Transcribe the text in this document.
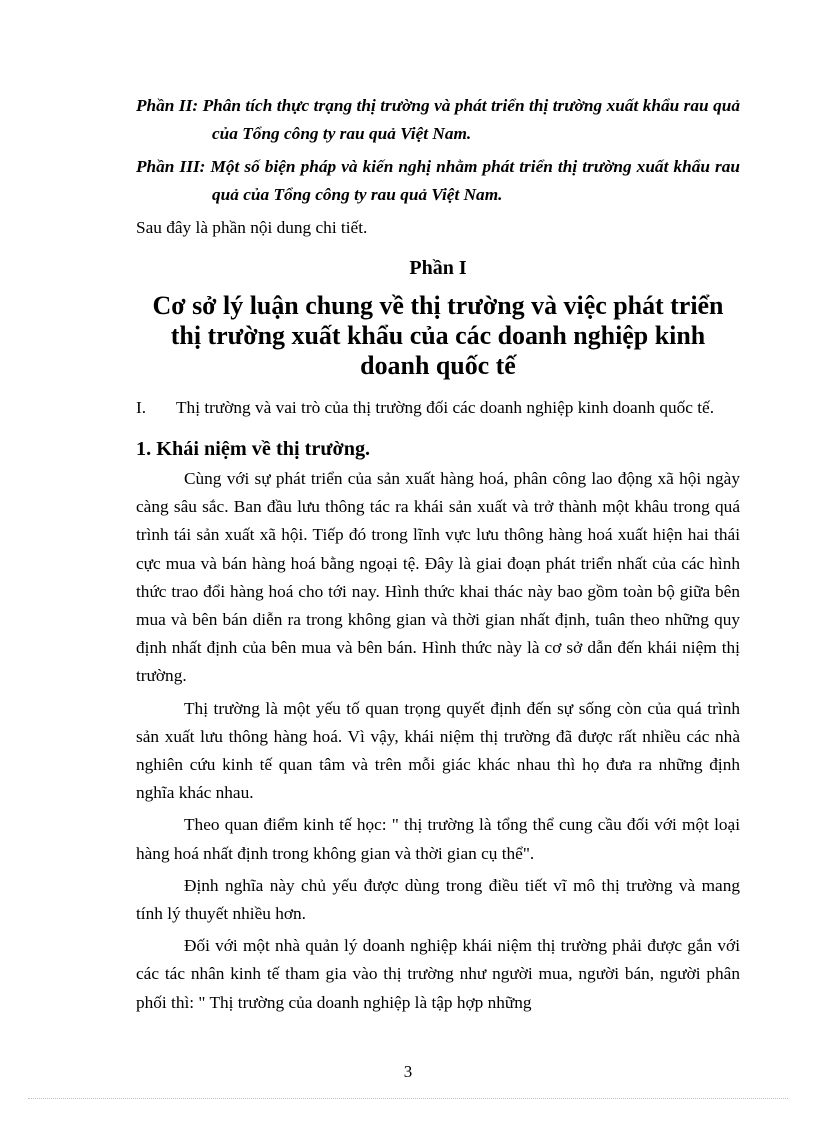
Phần II: Phân tích thực trạng thị trường và phát triển thị trường xuất khẩu rau quả của Tổng công ty rau quả Việt Nam.

Phần III: Một số biện pháp và kiến nghị nhằm phát triển thị trường xuất khẩu rau quả của Tổng công ty rau quả Việt Nam.

Sau đây là phần nội dung chi tiết.

Phần I
Cơ sở lý luận chung về thị trường và việc phát triển thị trường xuất khẩu của các doanh nghiệp kinh doanh quốc tế
I.	Thị trường và vai trò của thị trường đối các doanh nghiệp kinh doanh quốc tế.
1. Khái niệm về thị trường.

Cùng với sự phát triển của sản xuất hàng hoá, phân công lao động xã hội ngày càng sâu sắc. Ban đầu lưu thông tác ra khái sản xuất và trở thành một khâu trong quá trình tái sản xuất xã hội. Tiếp đó trong lĩnh vực lưu thông hàng hoá xuất hiện hai thái cực mua và bán hàng hoá bằng ngoại tệ. Đây là giai đoạn phát triển nhất của các hình thức trao đổi hàng hoá cho tới nay. Hình thức khai thác này bao gồm toàn bộ giữa bên mua và bên bán diễn ra trong không gian và thời gian nhất định, tuân theo những quy định nhất định của bên mua và bên bán. Hình thức này là cơ sở dẫn đến khái niệm thị trường.

Thị trường là một yếu tố quan trọng quyết định đến sự sống còn của quá trình sản xuất lưu thông hàng hoá. Vì vậy, khái niệm thị trường đã được rất nhiều các nhà nghiên cứu kinh tế quan tâm và trên mỗi giác khác nhau thì họ đưa ra những định nghĩa khác nhau.

Theo quan điểm kinh tế học: " thị trường là tổng thể cung cầu đối với một loại hàng hoá nhất định trong không gian và thời gian cụ thể".

Định nghĩa này chủ yếu được dùng trong điều tiết vĩ mô thị trường và mang tính lý thuyết nhiều hơn.

Đối với một nhà quản lý doanh nghiệp khái niệm thị trường phải được gắn với các tác nhân kinh tế tham gia vào thị trường như người mua, người bán, người phân phối thì: " Thị trường của doanh nghiệp là tập hợp những

3
